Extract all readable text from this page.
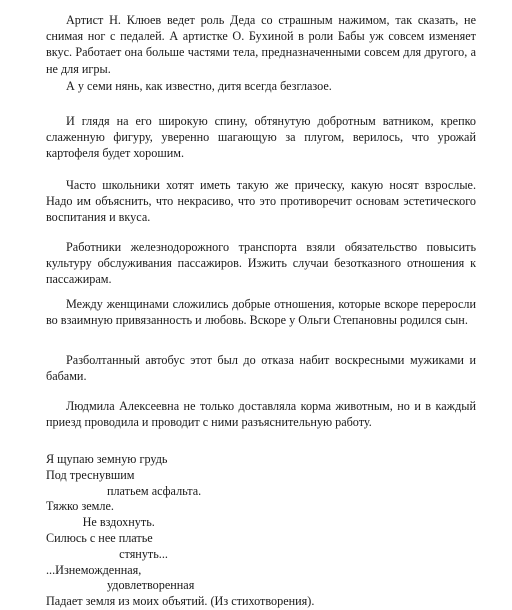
Артист Н. Клюев ведет роль Деда со страшным нажимом, так сказать, не снимая ног с педалей. А артистке О. Бухиной в роли Бабы уж совсем изменяет вкус. Работает она больше частями тела, предназначенными совсем для другого, а не для игры.

А у семи нянь, как известно, дитя всегда безглазое.

И глядя на его широкую спину, обтянутую добротным ватником, крепко слаженную фигуру, уверенно шагающую за плугом, верилось, что урожай картофеля будет хорошим.

Часто школьники хотят иметь такую же прическу, какую носят взрослые. Надо им объяснить, что некрасиво, что это противоречит основам эстетического воспитания и вкуса.

Работники железнодорожного транспорта взяли обязательство повысить культуру обслуживания пассажиров. Изжить случаи безотказного отношения к пассажирам.

Между женщинами сложились добрые отношения, которые вскоре переросли во взаимную привязанность и любовь. Вскоре у Ольги Степановны родился сын.

Разболтанный автобус этот был до отказа набит воскресными мужиками и бабами.

Людмила Алексеевна не только доставляла корма животным, но и в каждый приезд проводила и проводит с ними разъяснительную работу.

Я щупаю земную грудь
Под треснувшим
платьем асфальта.
Тяжко земле.
Не вздохнуть.
Силюсь с нее платье
стянуть...
...Изнеможденная,
удовлетворенная
Падает земля из моих объятий. (Из стихотворения).
